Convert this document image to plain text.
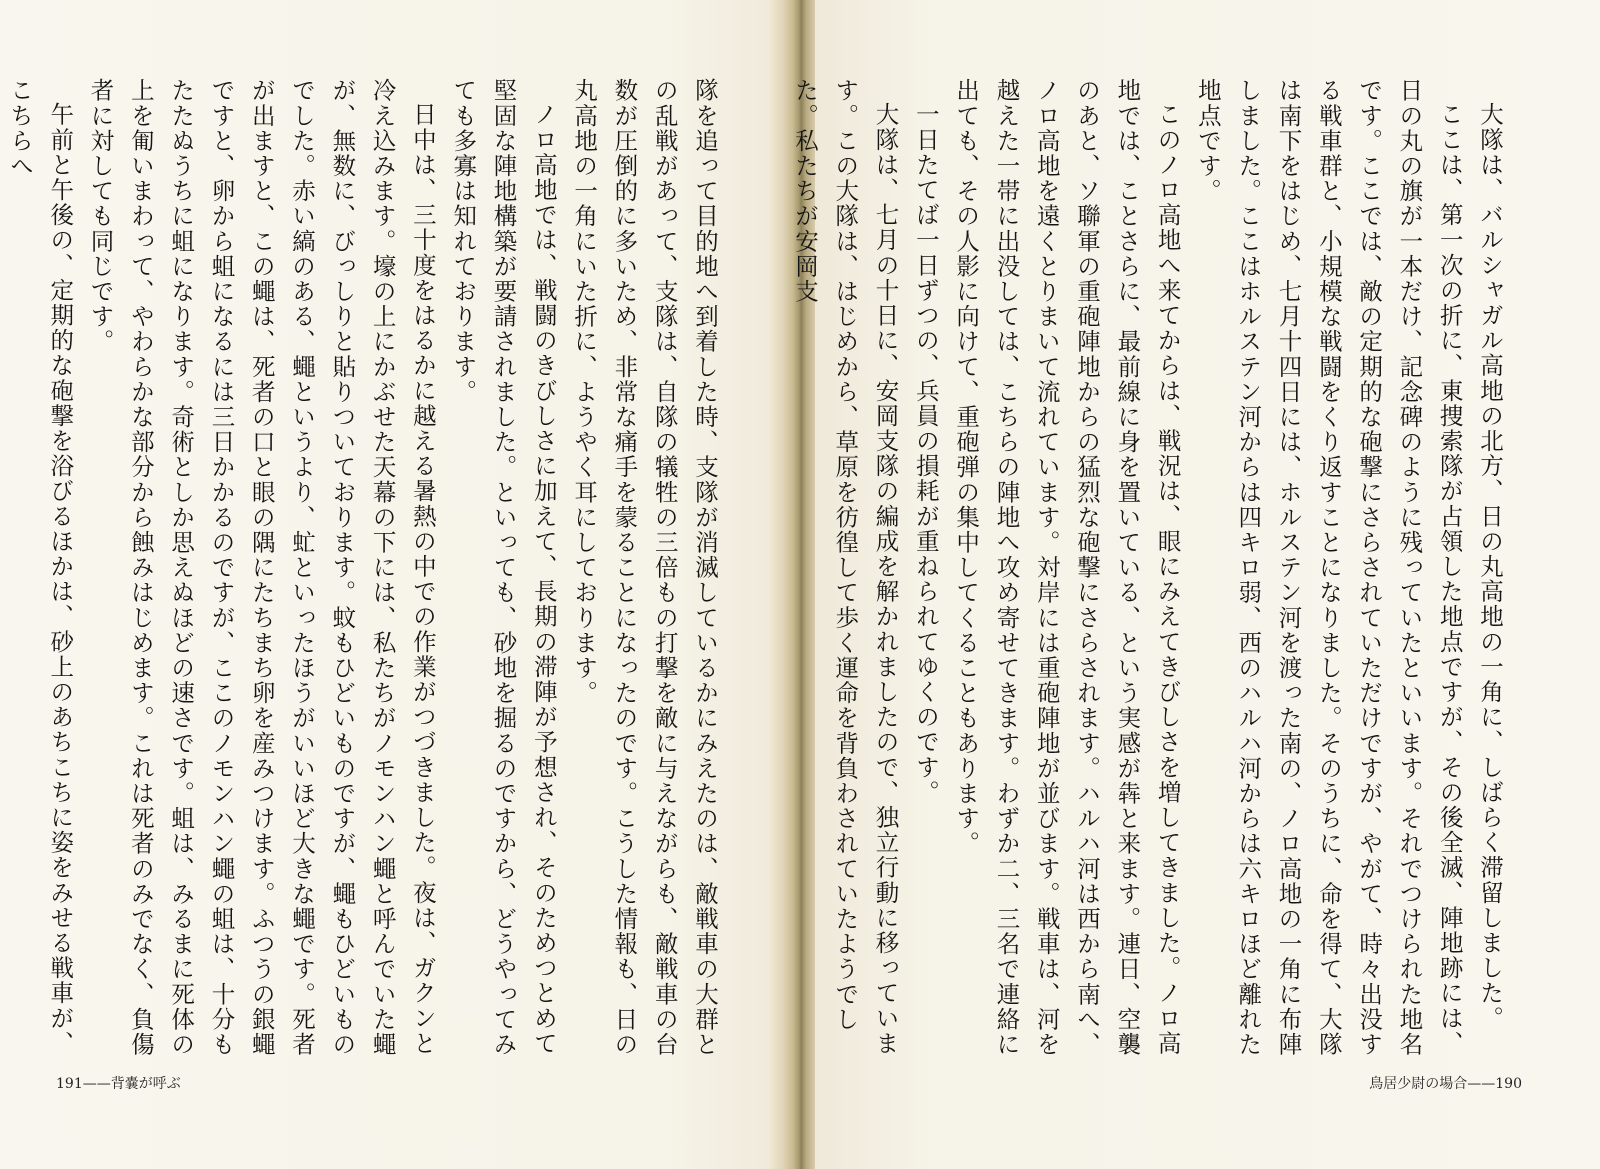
隊を追って目的地へ到着した時、支隊が消滅しているかにみえたのは、敵戦車の大群との乱戦があって、支隊は、自隊の犠牲の三倍もの打撃を敵に与えながらも、敵戦車の台数が圧倒的に多いため、非常な痛手を蒙ることになったのです。こうした情報も、日の丸高地の一角にいた折に、ようやく耳にしております。

ノロ高地では、戦闘のきびしさに加えて、長期の滞陣が予想され、そのためつとめて堅固な陣地構築が要請されました。といっても、砂地を掘るのですから、どうやってみても多寡は知れております。

日中は、三十度をはるかに越える暑熱の中での作業がつづきました。夜は、ガクンと冷え込みます。壕の上にかぶせた天幕の下には、私たちがノモンハン蠅と呼んでいた蠅が、無数に、びっしりと貼りついております。蚊もひどいものですが、蠅もひどいものでした。赤い縞のある、蠅というより、虻といったほうがいいほど大きな蠅です。死者が出ますと、この蠅は、死者の口と眼の隅にたちまち卵を産みつけます。ふつうの銀蠅ですと、卵から蛆になるには三日かかるのですが、ここのノモンハン蠅の蛆は、十分もたたぬうちに蛆になります。奇術としか思えぬほどの速さです。蛆は、みるまに死体の上を匍いまわって、やわらかな部分から蝕みはじめます。これは死者のみでなく、負傷者に対しても同じです。

午前と午後の、定期的な砲撃を浴びるほかは、砂上のあちこちに姿をみせる戦車が、こちらへ

191——背嚢が呼ぶ

大隊は、バルシャガル高地の北方、日の丸高地の一角に、しばらく滞留しました。

ここは、第一次の折に、東捜索隊が占領した地点ですが、その後全滅、陣地跡には、日の丸の旗が一本だけ、記念碑のように残っていたといいます。それでつけられた地名です。ここでは、敵の定期的な砲撃にさらされていただけですが、やがて、時々出没する戦車群と、小規模な戦闘をくり返すことになりました。そのうちに、命を得て、大隊は南下をはじめ、七月十四日には、ホルステン河を渡った南の、ノロ高地の一角に布陣しました。ここはホルステン河からは四キロ弱、西のハルハ河からは六キロほど離れた地点です。

このノロ高地へ来てからは、戦況は、眼にみえてきびしさを増してきました。ノロ高地では、ことさらに、最前線に身を置いている、という実感が犇と来ます。連日、空襲のあと、ソ聯軍の重砲陣地からの猛烈な砲撃にさらされます。ハルハ河は西から南へ、ノロ高地を遠くとりまいて流れています。対岸には重砲陣地が並びます。戦車は、河を越えた一帯に出没しては、こちらの陣地へ攻め寄せてきます。わずか二、三名で連絡に出ても、その人影に向けて、重砲弾の集中してくることもあります。

一日たてば一日ずつの、兵員の損耗が重ねられてゆくのです。

大隊は、七月の十日に、安岡支隊の編成を解かれましたので、独立行動に移っています。この大隊は、はじめから、草原を彷徨して歩く運命を背負わされていたようでした。私たちが安岡支

鳥居少尉の場合——190
